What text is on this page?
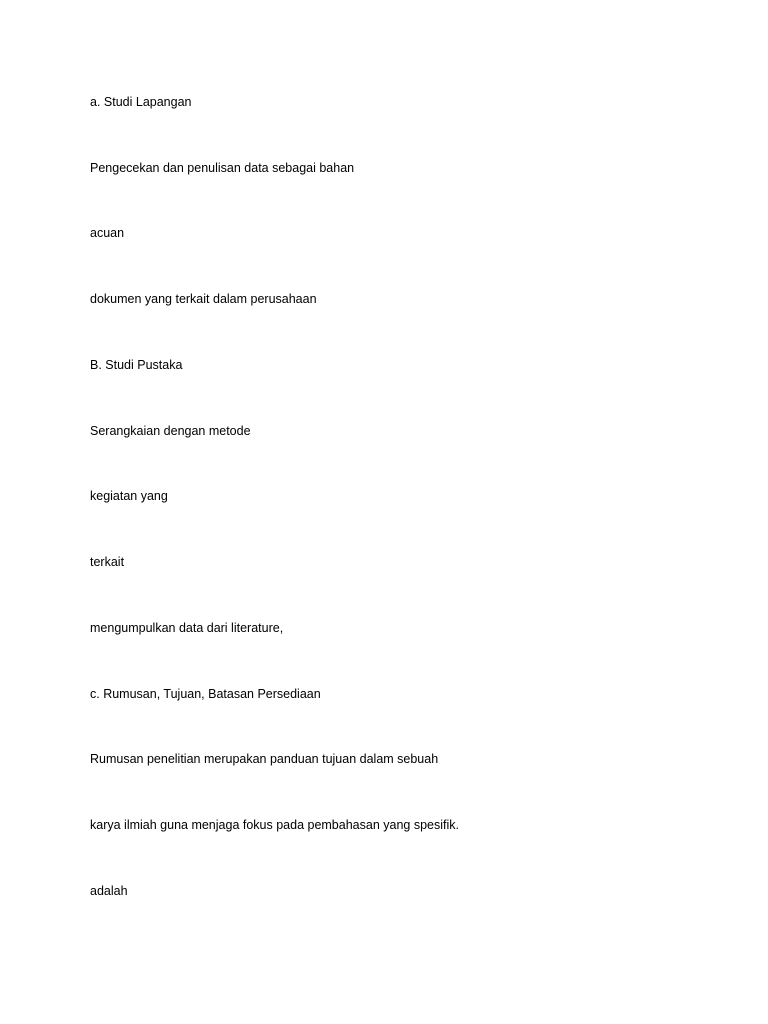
a. Studi Lapangan
Pengecekan dan penulisan data sebagai bahan
acuan
dokumen yang terkait dalam perusahaan
B. Studi Pustaka
Serangkaian dengan metode
kegiatan yang
terkait
mengumpulkan data dari literature,
c. Rumusan, Tujuan, Batasan Persediaan
Rumusan penelitian merupakan panduan tujuan dalam sebuah
karya ilmiah guna menjaga fokus pada pembahasan yang spesifik.
adalah
